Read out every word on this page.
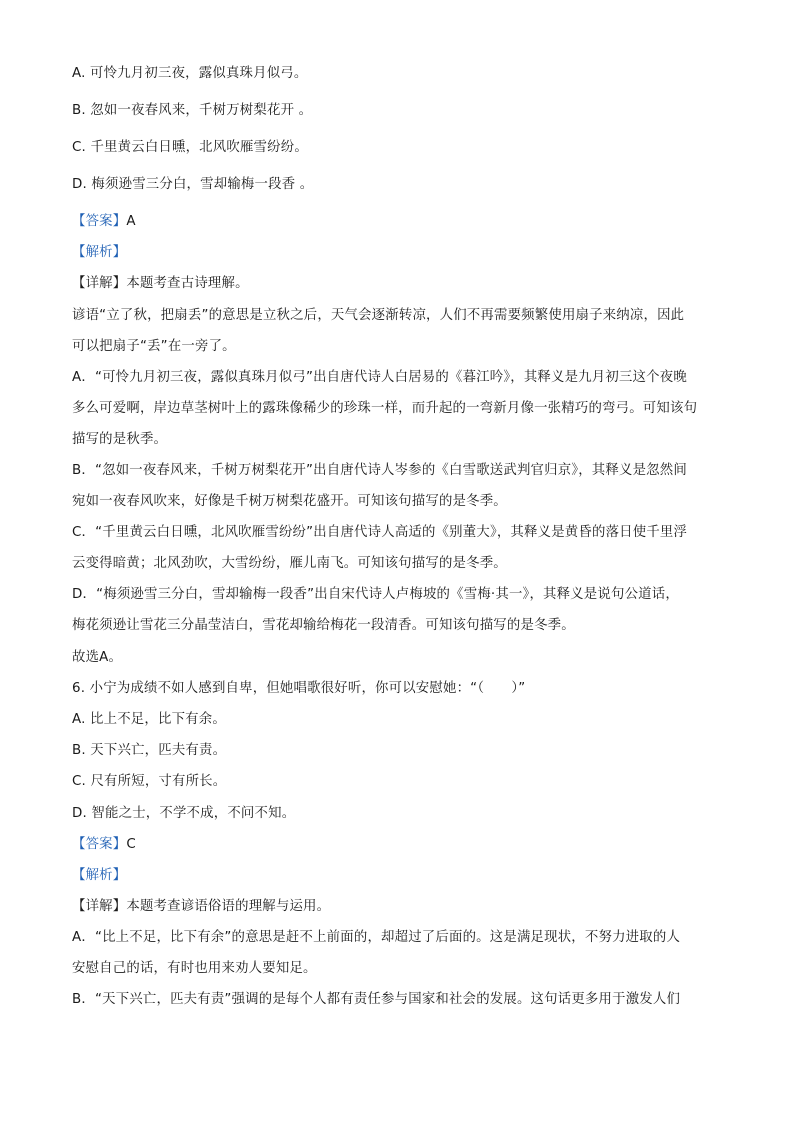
A. 可怜九月初三夜，露似真珠月似弓。
B. 忽如一夜春风来，千树万树梨花开 。
C. 千里黄云白日曛，北风吹雁雪纷纷。
D. 梅须逊雪三分白，雪却输梅一段香 。
【答案】A
【解析】
【详解】本题考查古诗理解。
谚语“立了秋，把扇丢”的意思是立秋之后，天气会逐渐转凉，人们不再需要频繁使用扇子来纳凉，因此
可以把扇子“丢”在一旁了。
A．“可怜九月初三夜，露似真珠月似弓”出自唐代诗人白居易的《暮江吟》，其释义是九月初三这个夜晚
多么可爱啊，岸边草茎树叶上的露珠像稀少的珍珠一样，而升起的一弯新月像一张精巧的弯弓。可知该句
描写的是秋季。
B．“忽如一夜春风来，千树万树梨花开”出自唐代诗人岑参的《白雪歌送武判官归京》，其释义是忽然间
宛如一夜春风吹来，好像是千树万树梨花盛开。可知该句描写的是冬季。
C．“千里黄云白日曛，北风吹雁雪纷纷”出自唐代诗人高适的《别董大》，其释义是黄昏的落日使千里浮
云变得暗黄；北风劲吹，大雪纷纷，雁儿南飞。可知该句描写的是冬季。
D．“梅须逊雪三分白，雪却输梅一段香”出自宋代诗人卢梅坡的《雪梅·其一》，其释义是说句公道话，
梅花须逊让雪花三分晶莹洁白，雪花却输给梅花一段清香。可知该句描写的是冬季。
故选A。
6. 小宁为成绩不如人感到自卑，但她唱歌很好听，你可以安慰她：“（　　）”
A. 比上不足，比下有余。
B. 天下兴亡，匹夫有责。
C. 尺有所短，寸有所长。
D. 智能之士，不学不成，不问不知。
【答案】C
【解析】
【详解】本题考查谚语俗语的理解与运用。
A．“比上不足，比下有余”的意思是赶不上前面的，却超过了后面的。这是满足现状，不努力进取的人
安慰自己的话，有时也用来劝人要知足。
B．“天下兴亡，匹夫有责”强调的是每个人都有责任参与国家和社会的发展。这句话更多用于激发人们
